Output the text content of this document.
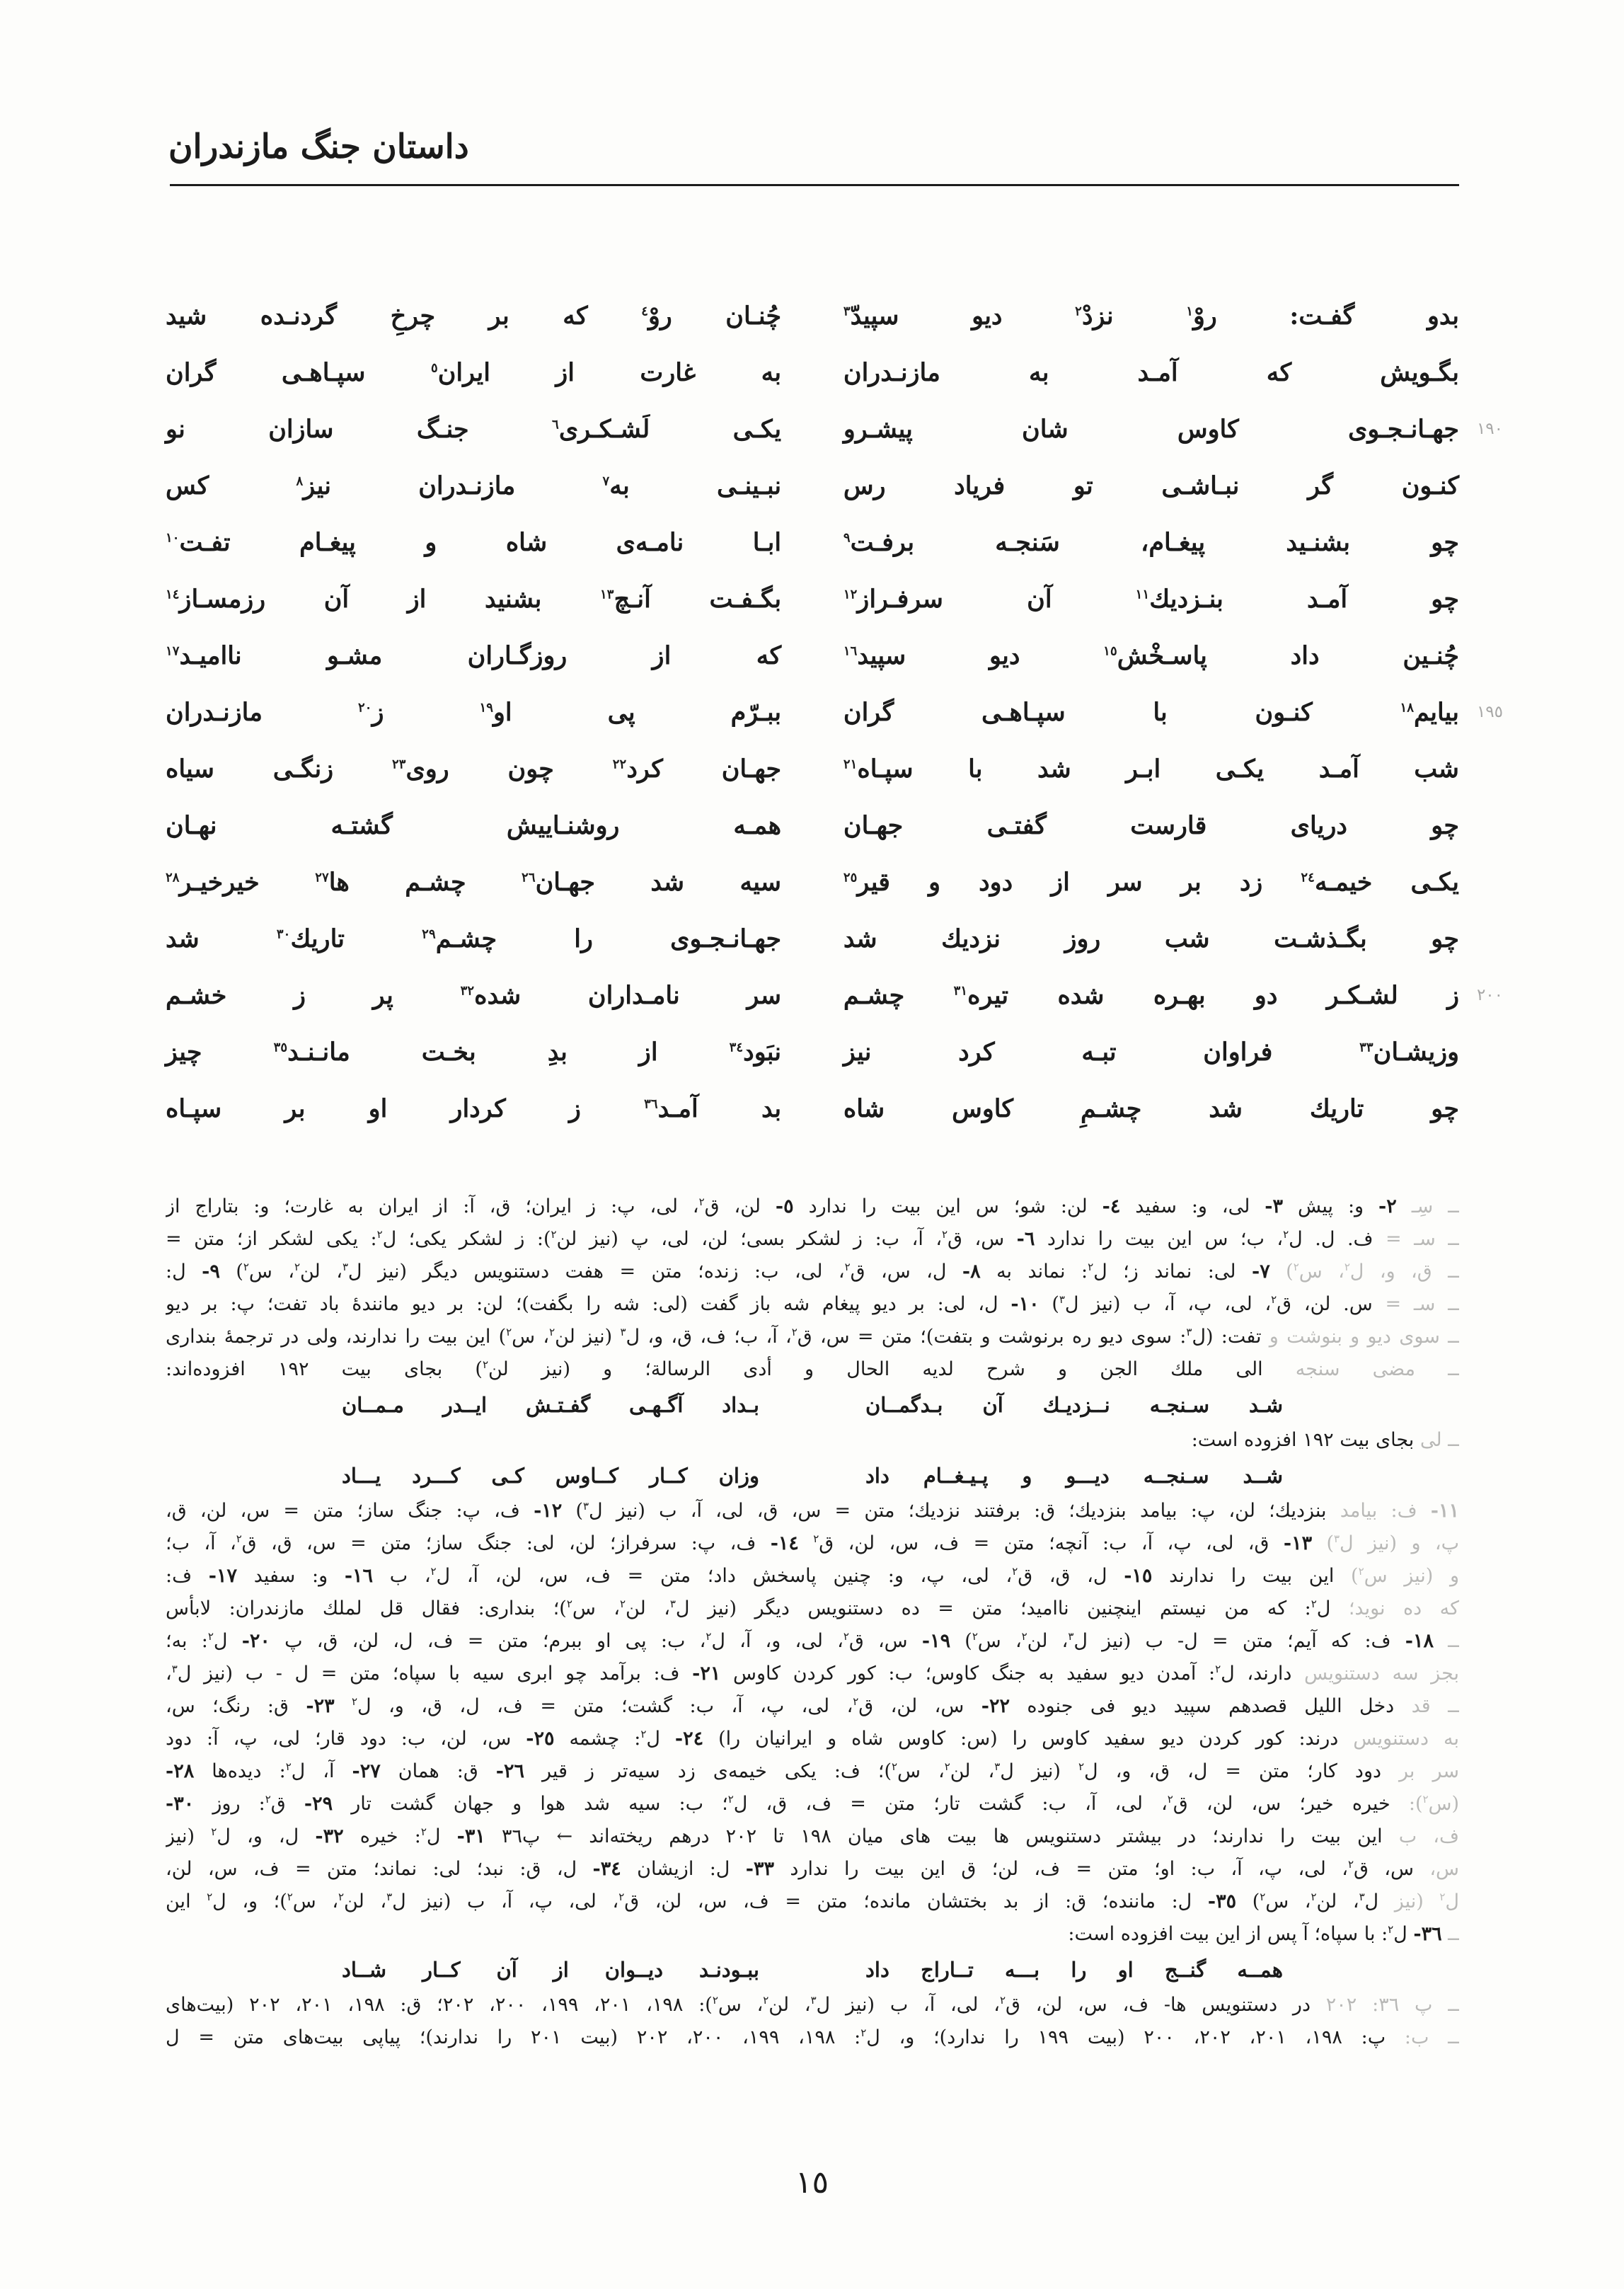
داستان جنگ مازندران
بدو گفـت: روْ$^١$ نزدْ$^٢$ دیو سپیدّ$^٣$
چُنـان روْ$^٤$ که بر چرخِ گردنـده شید
بگـویش که آمـد به مازنـدران
به غارت از ایران$^٥$ سپـاهـی گران
جهـانـجـوی کاوس شان پیشـرو
یکـی لَشـکـری$^٦$ جنـگ سازان نو	١٩٠
کنـون گر نبـاشـی تو فریاد رس
نبـینـی به$^٧$ مازنـدران نیز$^٨$ کس
چو بشنـید پیغـام، سَنجـه برفـت$^٩$
ابـا نامـه‌ی شاه و پیغـام تفـت$^{١٠}$
چو آمـد بنـزدیك$^{١١}$ آن سرفـراز$^{١٢}$
بگـفـت آنـچ$^{١٣}$ بشنید از آن رزمسـاز$^{١٤}$
چُنـین داد پاسـخْش$^{١٥}$ دیو سپید$^{١٦}$
که از روزگـاران مشـو ناامیـد$^{١٧}$
بیایم$^{١٨}$ کنـون با سپـاهـی گران
ببـرّم پی او$^{١٩}$ ز$^{٢٠}$ مازنـدران	١٩٥
شب آمـد یکـی ابـر شد با سپـاه$^{٢١}$
جهـان کرد$^{٢٢}$ چون روی$^{٢٣}$ زنگـی سیاه
چو دریای قارست گفتـی جهـان
همـه روشنـاییش گشتـه نهـان
یکـی خیمـه$^{٢٤}$ زد بر سر از دود و قیر$^{٢٥}$
سیه شد جهـان$^{٢٦}$ چشـم ها$^{٢٧}$ خیرخیـر$^{٢٨}$
چو بگـذشـت شب روز نزدیك شد
جهـانـجـوی را چشـم$^{٢٩}$ تاریك$^{٣٠}$ شد
ز لشـکـر دو بهـره شده تیره$^{٣١}$ چشـم
سر نامـداران شده$^{٣٢}$ پر ز خشـم	٢٠٠
وزیشـان$^{٣٣}$ فراوان تبـه کرد نیز
نبَود$^{٣٤}$ از بدِ بخـت مانـنـد$^{٣٥}$ چیز
چو تاریك شد چشـمِ کاوس شاه
بد آمـد$^{٣٦}$ ز کردار او بر سپـاه
ــ سِـ ٢- و: پیش ٣- لی، و: سفید ٤- لن: شو؛ س این بیت را ندارد ٥- لن، ق$^٢$، لی، پ: ز ایران؛ ق، آ: از ایران به غارت؛ و: بتاراج از
ــ سـ = ف. ل. ل$^٢$، ب؛ س این بیت را ندارد ٦- س، ق$^٢$، آ، ب: ز لشکر بسی؛ لن، لی، پ (نیز لن$^٢$): ز لشکر یکی؛ ل$^٢$: یکی لشکر از؛ متن =
ــ ق، و، ل$^٢$، س$^٢$) ٧- لی: نماند ز؛ ل$^٢$: نماند به ٨- ل، س، ق$^٢$، لی، ب: زنده؛ متن = هفت دستنویس دیگر (نیز ل$^٣$، لن$^٢$، س$^٢$) ٩- ل:
ــ سـ = س. لن، ق$^٢$، لی، پ، آ، ب (نیز ل$^٣$) ١٠- ل، لی: بر دیو پیغام شه باز گفت (لی: شه را بگفت)؛ لن: بر دیو مانندهٔ باد تفت؛ پ: بر دیو
ــ سوی دیو و بنوشت و تفت: (ل$^٣$: سوی دیو ره برنوشت و بتفت)؛ متن = س، ق$^٢$، آ، ب؛ ف، ق، و، ل$^٣$ (نیز لن$^٢$، س$^٢$) این بیت را ندارند، ولی در ترجمهٔ بنداری
ــ مضی سنجه الی ملك الجن و شرح لدیه الحال و أدی الرسالة؛ و (نیز لن$^٢$) بجای بیت ١٩٢ افزوده‌اند:
شـد سـنجـه نــزدیـك آن بـدگمــان
بـداد آگـهـی گفـتـش ایــدر مـمــان
ــ لی بجای بیت ١٩٢ افزوده است:
شــد سـنجــه دیـــو و پـیـغــام داد
وزان کــار کــاوس کـی کـــرد یـــاد
١١- ف: بیامد بنزدیك؛ لن، پ: بیامد بنزدیك؛ ق: برفتند نزدیك؛ متن = س، ق، لی، آ، ب (نیز ل$^٣$) ١٢- ف، پ: جنگ ساز؛ متن = س، لن، ق،
پ، و (نیز ل$^٣$) ١٣- ق، لی، پ، آ، ب: آنچه؛ متن = ف، س، لن، ق$^٢$ ١٤- ف، پ: سرفراز؛ لن، لی: جنگ ساز؛ متن = س، ق، ق$^٢$، آ، ب؛
و (نیز س$^٢$) این بیت را ندارند ١٥- ل، ق، ق$^٢$، لی، پ، و: چنین پاسخش داد؛ متن = ف، س، لن، آ، ل$^٢$، ب ١٦- و: سفید ١٧- ف:
که ده نوید؛ ل$^٢$: که من نیستم اینچنین ناامید؛ متن = ده دستنویس دیگر (نیز ل$^٣$، لن$^٢$، س$^٢$)؛ بنداری: فقال قل لملك مازندران: لابأس
ــ ١٨- ف: که آیم؛ متن = ل- ب (نیز ل$^٣$، لن$^٢$، س$^٢$) ١٩- س، ق$^٢$، لی، و، آ، ل$^٢$، ب: پی او ببرم؛ متن = ف، ل، لن، ق، پ ٢٠- ل$^٢$: به؛
بجز سه دستنویس دارند، ل$^٢$: آمدن دیو سفید به جنگ کاوس؛ ب: کور کردن کاوس ٢١- ف: برآمد چو ابری سیه با سپاه؛ متن = ل - ب (نیز ل$^٣$،
ــ قد دخل اللیل قصدهم سپید دیو فی جنوده ٢٢- س، لن، ق$^٢$، لی، پ، آ، ب: گشت؛ متن = ف، ل، ق، و، ل$^٢$ ٢٣- ق: رنگ؛ س،
به دستنویس درند: کور کردن دیو سفید کاوس را (س: کاوس شاه و ایرانیان را) ٢٤- ل$^٢$: چشمه ٢٥- س، لن، ب: دود قار؛ لی، پ، آ: دود
سر بر دود کار؛ متن = ل، ق، و، ل$^٢$ (نیز ل$^٣$، لن$^٢$، س$^٢$)؛ ف: یکی خیمه‌ی زد سیه‌تر ز قیر ٢٦- ق: همان ٢٧- آ، ل$^٢$: دیده‌ها ٢٨-
(س$^٢$): خیره خیر؛ س، لن، ق$^٢$، لی، آ، ب: گشت تار؛ متن = ف، ق، ل$^٢$؛ ب: سیه شد هوا و جهان گشت تار ٢٩- ق$^٢$: روز ٣٠-
ف، ب این بیت را ندارند؛ در بیشتر دستنویس ها بیت های میان ١٩٨ تا ٢٠٢ درهم ریخته‌اند ← پ٣٦ ٣١- ل$^٢$: خیره ٣٢- ل، و، ل$^٢$ (نیز
س، س، ق$^٢$، لی، پ، آ، ب: او؛ متن = ف، لن؛ ق این بیت را ندارد ٣٣- ل: ازیشان ٣٤- ل، ق: نبد؛ لی: نماند؛ متن = ف، س، لن،
ل$^٢$ (نیز ل$^٣$، لن$^٢$، س$^٢$) ٣٥- ل: ماننده؛ ق: از بد بختشان مانده؛ متن = ف، س، لن، ق$^٢$، لی، پ، آ، ب (نیز ل$^٣$، لن$^٢$، س$^٢$)؛ و، ل$^٢$ این
ــ ٣٦- ل$^٢$: با سپاه؛ آ پس از این بیت افزوده است:
همــه گنــج او را بـــه تــاراج داد
ببـودنـد دیــوان از آن کــار شــاد
ــ پ ٣٦: ٢٠٢ در دستنویس ها- ف، س، لن، ق$^٢$، لی، آ، ب (نیز ل$^٣$، لن$^٢$، س$^٢$): ١٩٨، ٢٠١، ١٩٩، ٢٠٠، ٢٠٢؛ ق: ١٩٨، ٢٠١، ٢٠٢ (بیت‌های
ــ ب: پ: ١٩٨، ٢٠١، ٢٠٢، ٢٠٠ (بیت ١٩٩ را ندارد)؛ و، ل$^٢$: ١٩٨، ١٩٩، ٢٠٠، ٢٠٢ (بیت ٢٠١ را ندارند)؛ پیاپی بیت‌های متن = ل
١٥
